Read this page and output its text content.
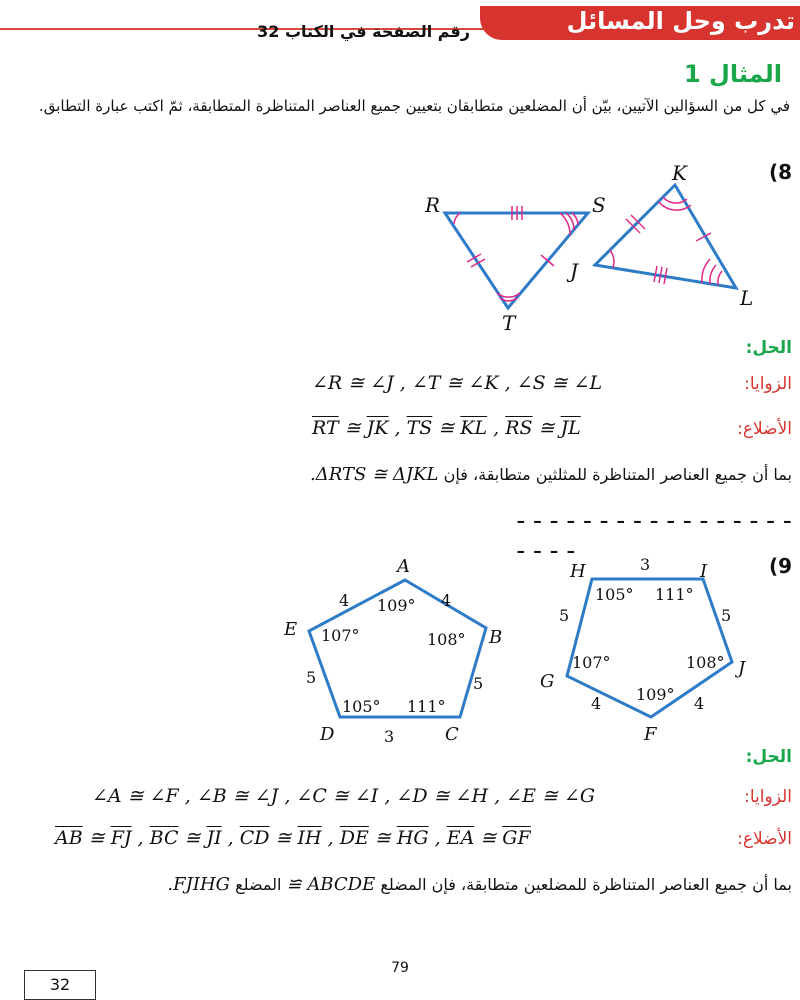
تدرب وحل المسائل
رقم الصفحة في الكتاب 32
المثال 1
في كل من السؤالين الآتيين، بيّن أن المضلعين متطابقان بتعيين جميع العناصر المتناظرة المتطابقة، ثمّ اكتب عبارة التطابق.
(8
R	S
T
K
J
L
الحل:
الزوايا:
∠R ≅ ∠J , ∠T ≅ ∠K , ∠S ≅ ∠L
الأضلاع:
$\overline{RT}$ ≅ $\overline{JK}$ , $\overline{TS}$ ≅ $\overline{KL}$ , $\overline{RS}$ ≅ $\overline{JL}$
بما أن جميع العناصر المتناظرة للمثلثين متطابقة، فإن ΔRTS ≅ ΔJKL.
---------------------	(9
A
B
C
D
E
H	I
J
F
G
109°
108°
111°
105°
107°
4	4
5
3
5
105° 111°
108°
109°
107°
3
5
4
4
5
الحل:
الزوايا:
∠A ≅ ∠F , ∠B ≅ ∠J , ∠C ≅ ∠I , ∠D ≅ ∠H , ∠E ≅ ∠G
الأضلاع:
$\overline{AB}$ ≅ $\overline{FJ}$ , $\overline{BC}$ ≅ $\overline{JI}$ , $\overline{CD}$ ≅ $\overline{IH}$ , $\overline{DE}$ ≅ $\overline{HG}$ , $\overline{EA}$ ≅ $\overline{GF}$
بما أن جميع العناصر المتناظرة للمضلعين متطابقة، فإن المضلع ABCDE ≅ المضلع FJIHG.
79
32
